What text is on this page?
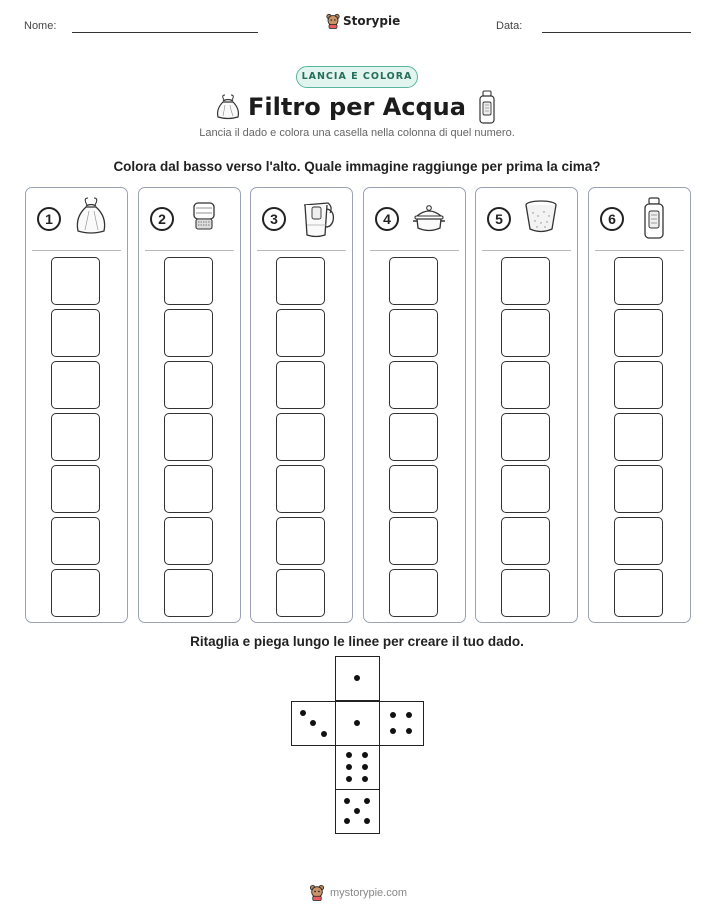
Nome:	Storypie	Data:
LANCIA E COLORA
Filtro per Acqua
Lancia il dado e colora una casella nella colonna di quel numero.
Colora dal basso verso l'alto. Quale immagine raggiunge per prima la cima?
1	2	3	4	5	6
Ritaglia e piega lungo le linee per creare il tuo dado.
mystorypie.com
